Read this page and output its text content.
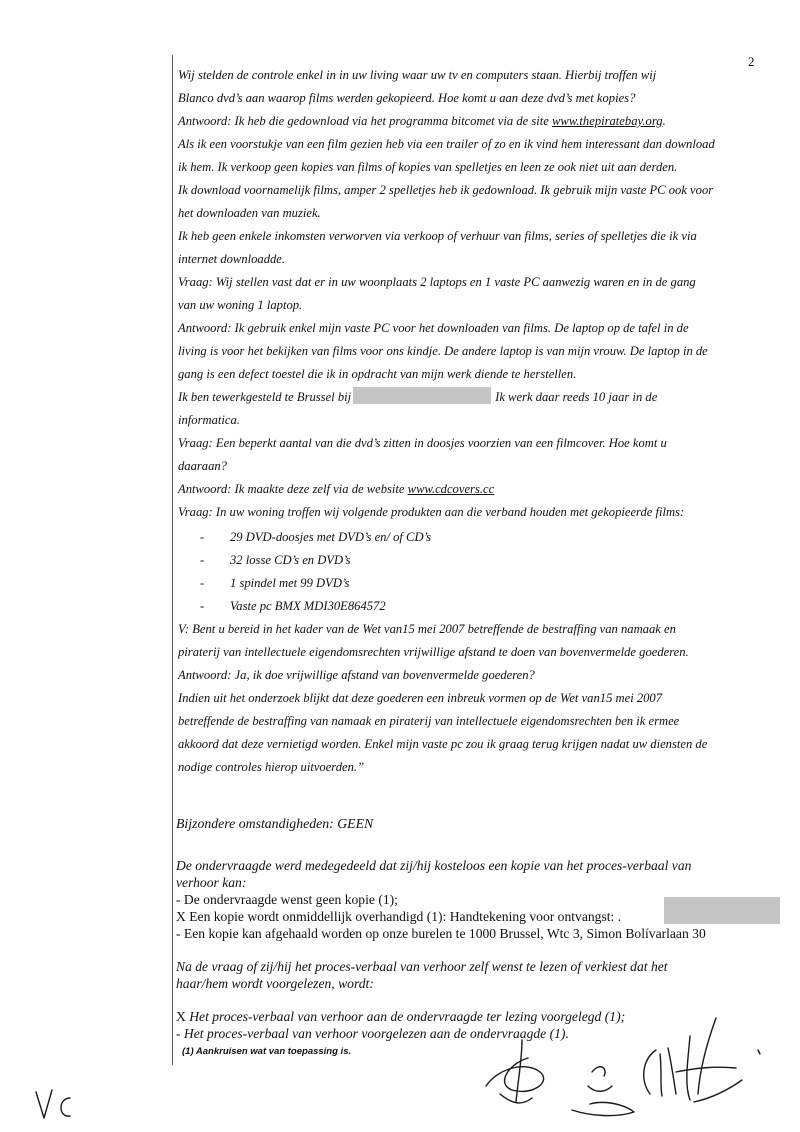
2

Wij stelden de controle enkel in in uw living waar uw tv en computers staan. Hierbij troffen wij

Blanco dvd’s aan waarop films werden gekopieerd. Hoe komt u aan deze dvd’s met kopies?

Antwoord: Ik heb die gedownload via het programma bitcomet via de site www.thepiratebay.org.

Als ik een voorstukje van een film gezien heb via een trailer of zo en ik vind hem interessant dan download

ik hem. Ik verkoop geen kopies van films of kopies van spelletjes en leen ze ook niet uit aan derden.

Ik download voornamelijk films, amper 2 spelletjes heb ik gedownload. Ik gebruik mijn vaste PC ook voor

het downloaden van muziek.

Ik heb geen enkele inkomsten verworven via verkoop of verhuur van films, series of spelletjes die ik via

internet downloadde.

Vraag: Wij stellen vast dat er in uw woonplaats 2 laptops en 1 vaste PC aanwezig waren en in de gang

van uw woning 1 laptop.

Antwoord: Ik gebruik enkel mijn vaste PC voor het downloaden van films. De laptop op de tafel in de

living is voor het bekijken van films voor ons kindje. De andere laptop is van mijn vrouw. De laptop in de

gang is een defect toestel die ik in opdracht van mijn werk diende te herstellen.

Ik ben tewerkgesteld te Brussel bij	Ik werk daar reeds 10 jaar in de

informatica.

Vraag: Een beperkt aantal van die dvd’s zitten in doosjes voorzien van een filmcover. Hoe komt u

daaraan?

Antwoord: Ik maakte deze zelf via de website www.cdcovers.cc

Vraag: In uw woning troffen wij volgende produkten aan die verband houden met gekopieerde films:

- 29 DVD-doosjes met DVD’s en/ of CD’s
- 32 losse CD’s en DVD’s
- 1 spindel met 99 DVD’s
- Vaste pc BMX MDI30E864572

V: Bent u bereid in het kader van de Wet van15 mei 2007 betreffende de bestraffing van namaak en

piraterij van intellectuele eigendomsrechten vrijwillige afstand te doen van bovenvermelde goederen.

Antwoord: Ja, ik doe vrijwillige afstand van bovenvermelde goederen?

Indien uit het onderzoek blijkt dat deze goederen een inbreuk vormen op de Wet van15 mei 2007

betreffende de bestraffing van namaak en piraterij van intellectuele eigendomsrechten ben ik ermee

akkoord dat deze vernietigd worden. Enkel mijn vaste pc zou ik graag terug krijgen nadat uw diensten de

nodige controles hierop uitvoerden.”

Bijzondere omstandigheden: GEEN
De ondervraagde werd medegedeeld dat zij/hij kosteloos een kopie van het proces-verbaal van
verhoor kan:
- De ondervraagde wenst geen kopie (1);
X Een kopie wordt onmiddellijk overhandigd (1): Handtekening voor ontvangst: .
- Een kopie kan afgehaald worden op onze burelen te 1000 Brussel, Wtc 3, Simon Bolívarlaan 30
Na de vraag of zij/hij het proces-verbaal van verhoor zelf wenst te lezen of verkiest dat het
haar/hem wordt voorgelezen, wordt:
X Het proces-verbaal van verhoor aan de ondervraagde ter lezing voorgelegd (1);
- Het proces-verbaal van verhoor voorgelezen aan de ondervraagde (1).
(1) Aankruisen wat van toepassing is.
